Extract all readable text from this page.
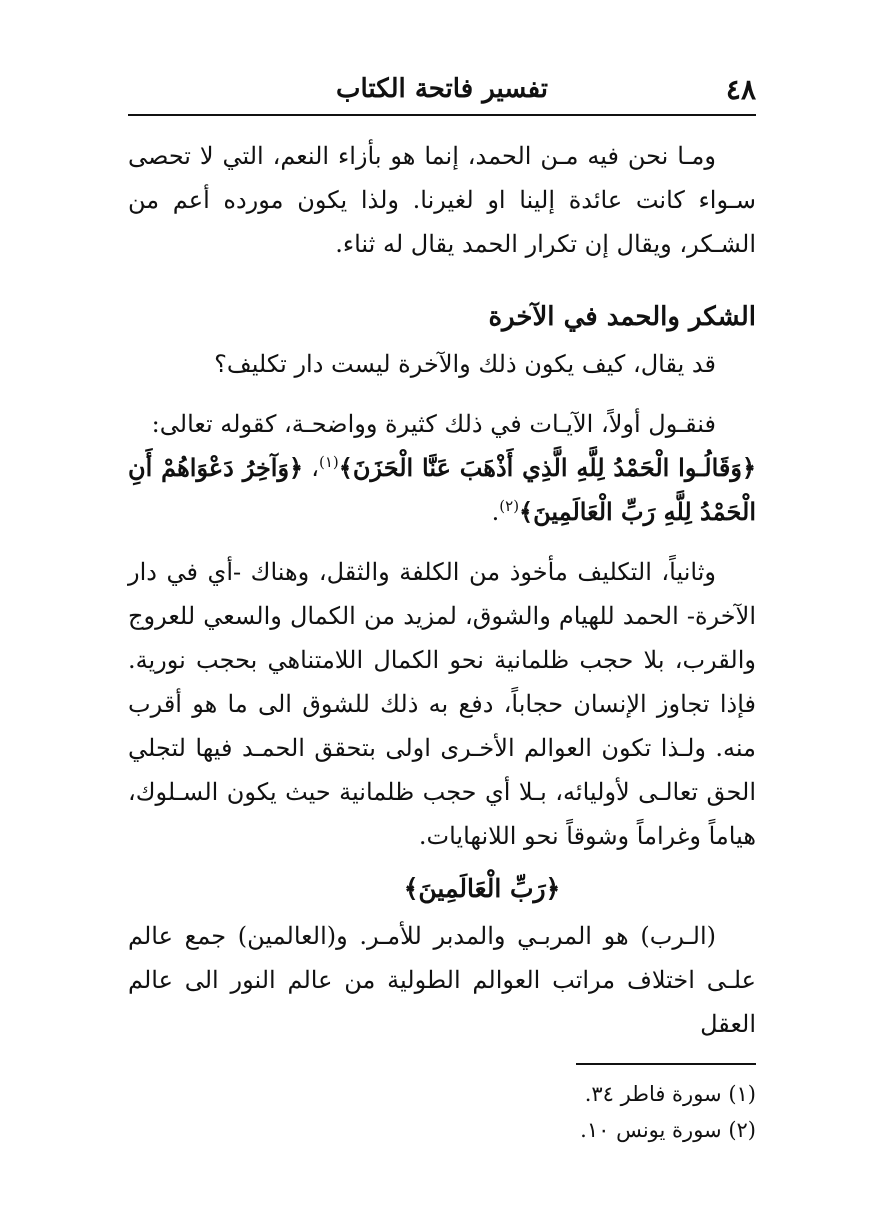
٤٨
تفسير فاتحة الكتاب

ومـا نحن فيه مـن الحمد، إنما هو بأزاء النعم، التي لا تحصى سـواء كانت عائدة إلينا او لغيرنا. ولذا يكون مورده أعم من الشـكر، ويقال إن تكرار الحمد يقال له ثناء.

الشكر والحمد في الآخرة

قد يقال، كيف يكون ذلك والآخرة ليست دار تكليف؟

فنقـول أولاً، الآيـات في ذلك كثيرة وواضحـة، كقوله تعالى:
﴿وَقَالُـوا الْحَمْدُ لِلَّهِ الَّذِي أَذْهَبَ عَنَّا الْحَزَنَ﴾$^{(١)}$، ﴿وَآخِرُ دَعْوَاهُمْ أَنِ الْحَمْدُ لِلَّهِ رَبِّ الْعَالَمِينَ﴾$^{(٢)}$.

وثانياً، التكليف مأخوذ من الكلفة والثقل، وهناك -أي في دار الآخرة- الحمد للهيام والشوق، لمزيد من الكمال والسعي للعروج والقرب، بلا حجب ظلمانية نحو الكمال اللامتناهي بحجب نورية. فإذا تجاوز الإنسان حجاباً، دفع به ذلك للشوق الى ما هو أقرب منه. ولـذا تكون العوالم الأخـرى اولى بتحقق الحمـد فيها لتجلي الحق تعالـى لأوليائه، بـلا أي حجب ظلمانية حيث يكون السـلوك، هياماً وغراماً وشوقاً نحو اللانهايات.

﴿رَبِّ الْعَالَمِينَ﴾

(الـرب) هو المربـي والمدبر للأمـر. و(العالمين) جمع عالم علـى اختلاف مراتب العوالم الطولية من عالم النور الى عالم العقل

(١) سورة فاطر ٣٤.

(٢) سورة يونس ١٠.
